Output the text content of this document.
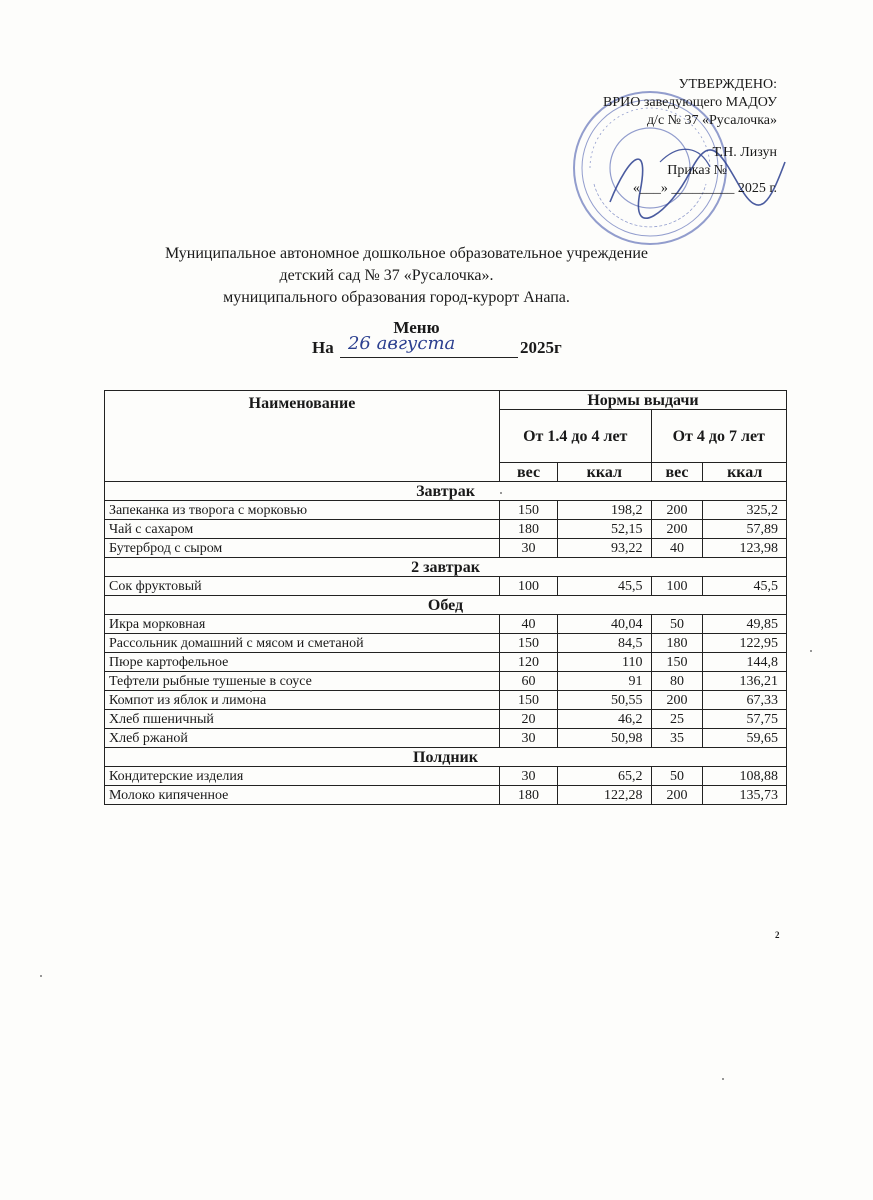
УТВЕРЖДЕНО:
ВРИО заведующего МАДОУ
д/с № 37 «Русалочка»
Т.Н. Лизун
Приказ №
«___» _________ 2025 г.
Муниципальное автономное дошкольное образовательное учреждение
детский сад № 37 «Русалочка».
муниципального образования город-курорт Анапа.
Меню
На 26 августа	2025г
Наименование	Нормы выдачи			
	От 1.4 до 4 лет		От 4 до 7 лет	
	вес	ккал	вес	ккал
Завтрак				
Запеканка из творога с морковью	150	198,2	200	325,2
Чай с сахаром	180	52,15	200	57,89
Бутерброд с сыром	30	93,22	40	123,98
2 завтрак				
Сок фруктовый	100	45,5	100	45,5
Обед				
Икра морковная	40	40,04	50	49,85
Рассольник домашний с мясом и сметаной	150	84,5	180	122,95
Пюре картофельное	120	110	150	144,8
Тефтели рыбные тушеные в соусе	60	91	80	136,21
Компот из яблок и лимона	150	50,55	200	67,33
Хлеб пшеничный	20	46,2	25	57,75
Хлеб ржаной	30	50,98	35	59,65
Полдник				
Кондитерские изделия	30	65,2	50	108,88
Молоко кипяченное	180	122,28	200	135,73
2
